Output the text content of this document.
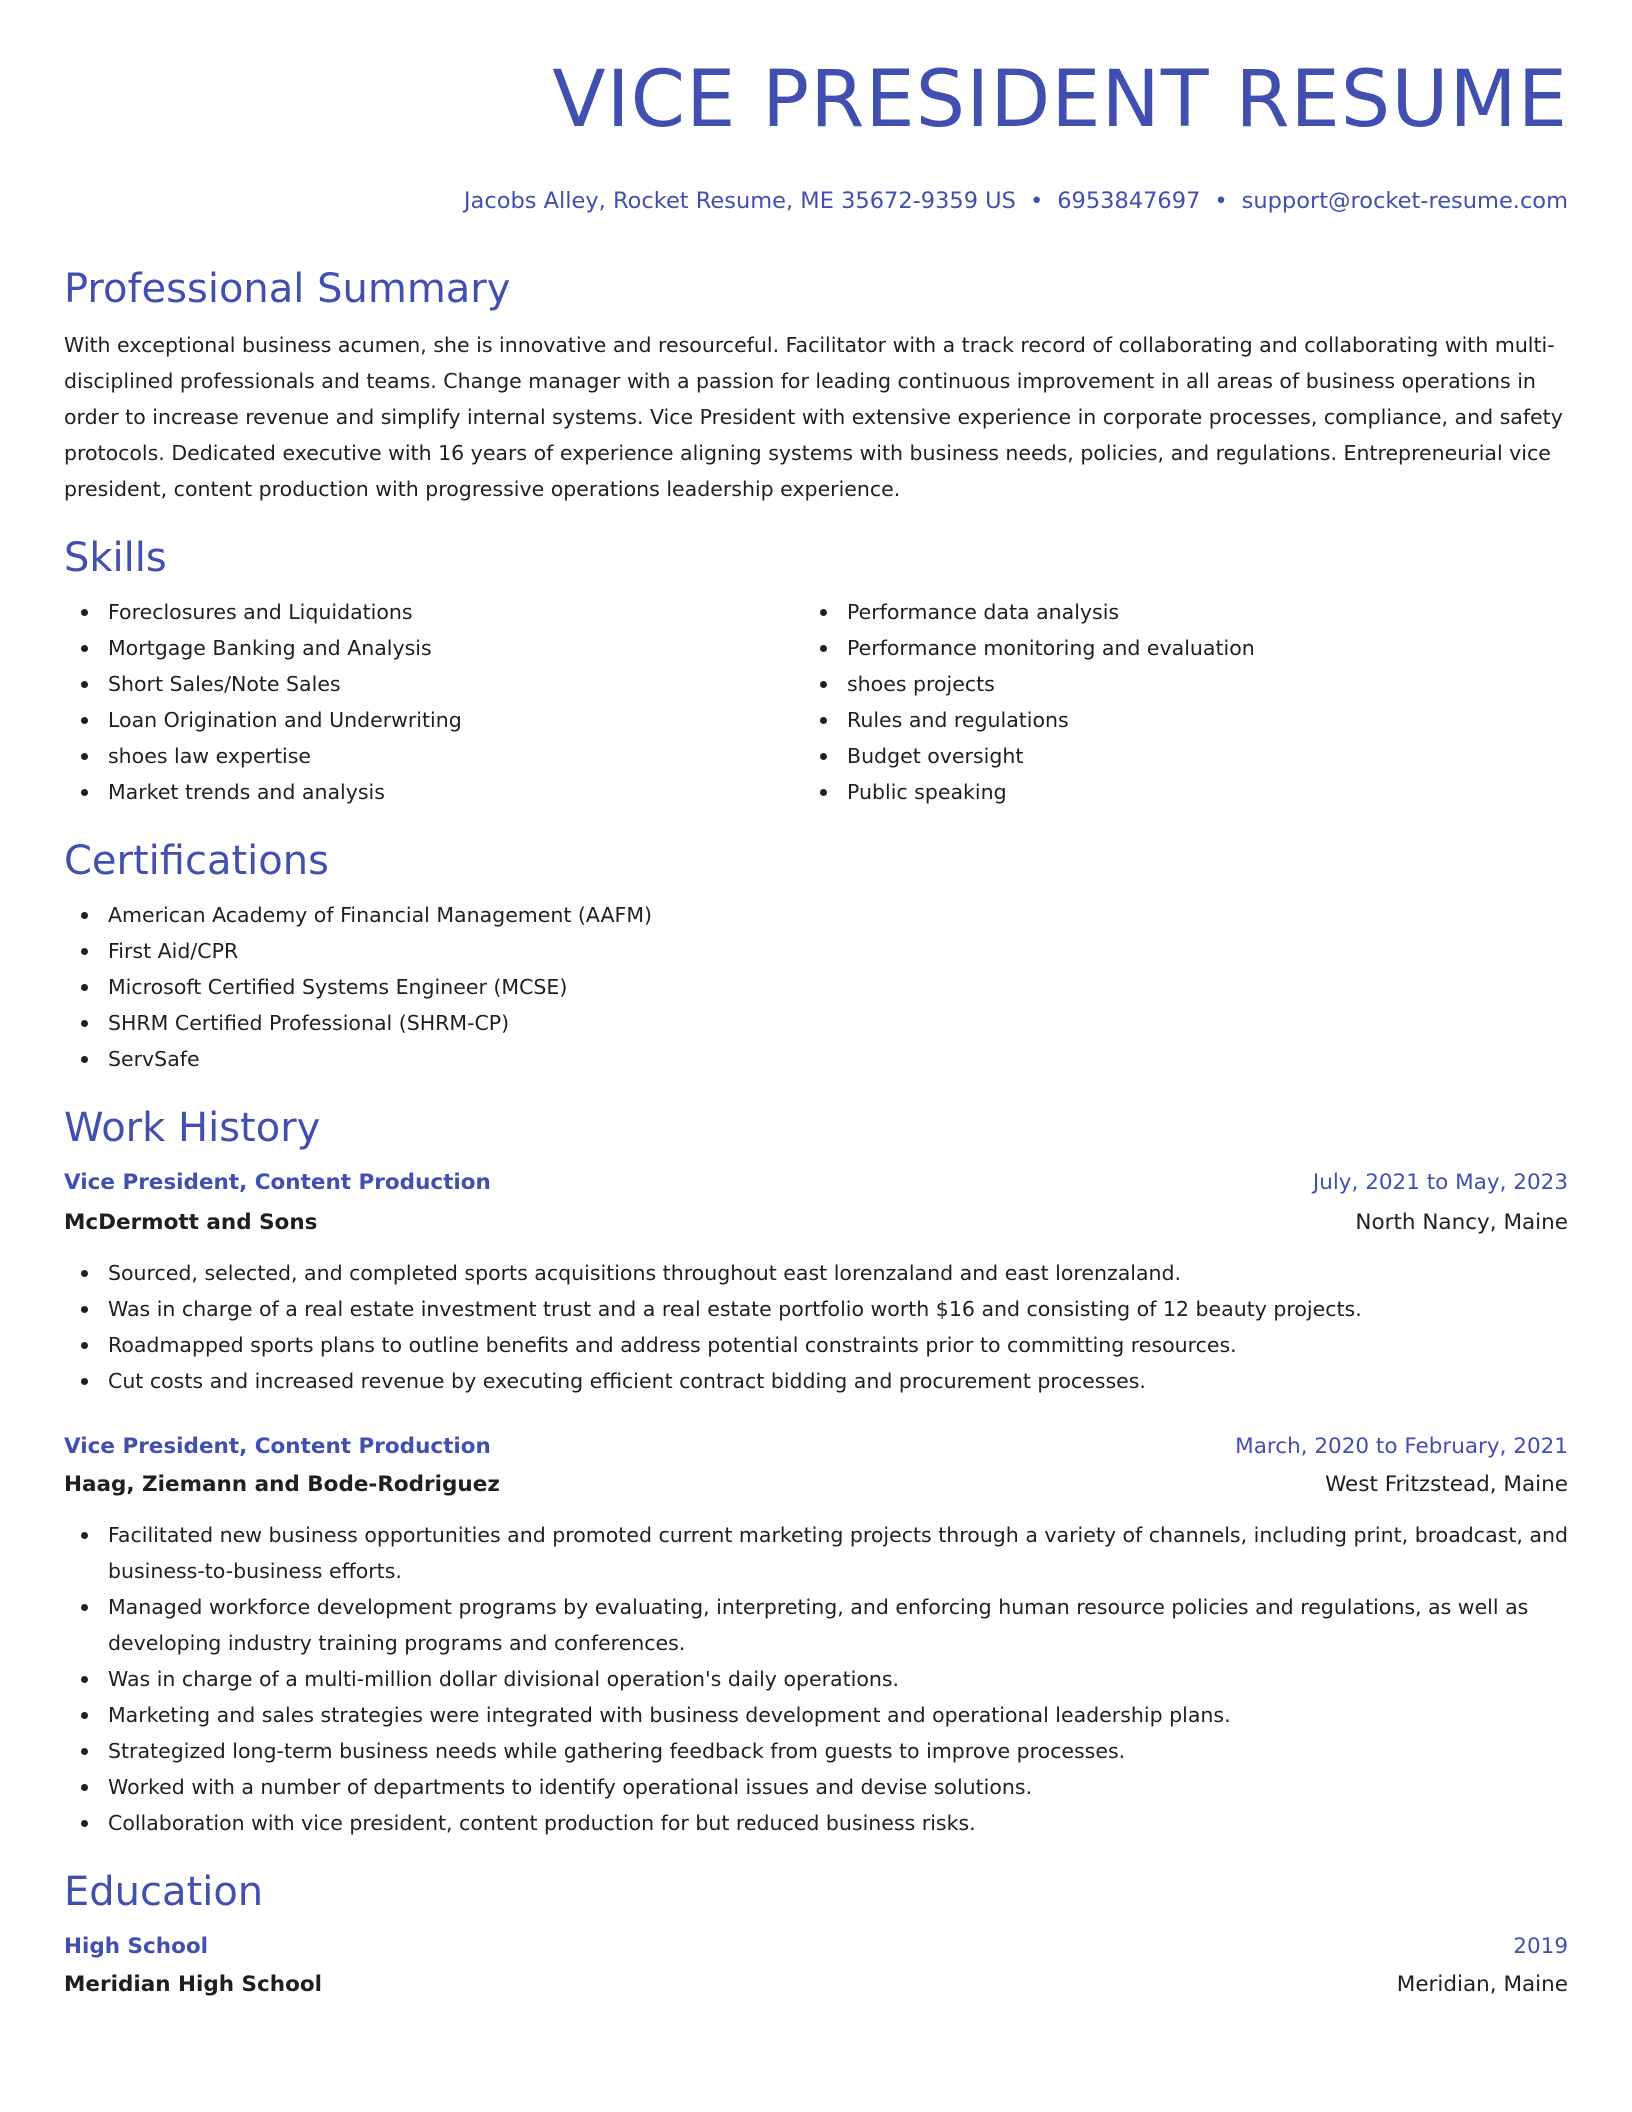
VICE PRESIDENT RESUME
Jacobs Alley, Rocket Resume, ME 35672-9359 US • 6953847697 • support@rocket-resume.com
Professional Summary

With exceptional business acumen, she is innovative and resourceful. Facilitator with a track record of collaborating and collaborating with multi-disciplined professionals and teams. Change manager with a passion for leading continuous improvement in all areas of business operations in order to increase revenue and simplify internal systems. Vice President with extensive experience in corporate processes, compliance, and safety protocols. Dedicated executive with 16 years of experience aligning systems with business needs, policies, and regulations. Entrepreneurial vice president, content production with progressive operations leadership experience.

Skills
Foreclosures and Liquidations
Mortgage Banking and Analysis
Short Sales/Note Sales
Loan Origination and Underwriting
shoes law expertise
Market trends and analysis
Performance data analysis
Performance monitoring and evaluation
shoes projects
Rules and regulations
Budget oversight
Public speaking
Certifications
American Academy of Financial Management (AAFM)
First Aid/CPR
Microsoft Certified Systems Engineer (MCSE)
SHRM Certified Professional (SHRM-CP)
ServSafe
Work History
Vice President, Content Production	July, 2021 to May, 2023
McDermott and Sons	North Nancy, Maine
Sourced, selected, and completed sports acquisitions throughout east lorenzaland and east lorenzaland.
Was in charge of a real estate investment trust and a real estate portfolio worth $16 and consisting of 12 beauty projects.
Roadmapped sports plans to outline benefits and address potential constraints prior to committing resources.
Cut costs and increased revenue by executing efficient contract bidding and procurement processes.
Vice President, Content Production	March, 2020 to February, 2021
Haag, Ziemann and Bode-Rodriguez	West Fritzstead, Maine
Facilitated new business opportunities and promoted current marketing projects through a variety of channels, including print, broadcast, and business-to-business efforts.
Managed workforce development programs by evaluating, interpreting, and enforcing human resource policies and regulations, as well as developing industry training programs and conferences.
Was in charge of a multi-million dollar divisional operation's daily operations.
Marketing and sales strategies were integrated with business development and operational leadership plans.
Strategized long-term business needs while gathering feedback from guests to improve processes.
Worked with a number of departments to identify operational issues and devise solutions.
Collaboration with vice president, content production for but reduced business risks.
Education
High School	2019
Meridian High School	Meridian, Maine
